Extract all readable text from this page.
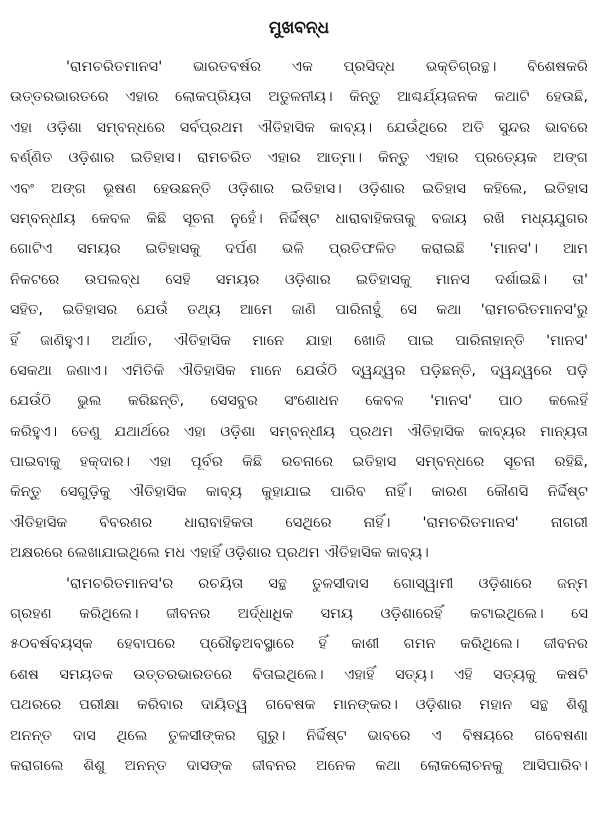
ମୁଖବନ୍ଧ
'ରାମଚରିତମାନସ' ଭାରତବର୍ଷର ଏକ ପ୍ରସିଦ୍ଧ ଭକ୍ତିଗ୍ରନ୍ଥ। ବିଶେଷକରି
ଉତ୍ତରଭାରତରେ ଏହାର ଲୋକପ୍ରିୟତା ଅତୁଳନୀୟ। କିନ୍ତୁ ଆଶ୍ଚର୍ଯ୍ୟଜନକ କଥାଟି ହେଉଛି,
ଏହା ଓଡ଼ିଶା ସମ୍ବନ୍ଧରେ ସର୍ବପ୍ରଥମ ଐତିହାସିକ କାବ୍ୟ। ଯେଉଁଥିରେ ଅତି ସୁନ୍ଦର ଭାବରେ
ବର୍ଣ୍ଣିତ ଓଡ଼ିଶାର ଇତିହାସ। ରାମଚରିତ ଏହାର ଆତ୍ମା। କିନ୍ତୁ ଏହାର ପ୍ରତ୍ୟେକ ଅଙ୍ଗ
ଏବଂ ଅଙ୍ଗ ଭୂଷଣ ହେଉଛନ୍ତି ଓଡ଼ିଶାର ଇତିହାସ। ଓଡ଼ିଶାର ଇତିହାସ କହିଲେ, ଇତିହାସ
ସମ୍ବନ୍ଧୀୟ କେବଳ କିଛି ସୂଚନା ନୁହେଁ। ନିର୍ଦ୍ଦିଷ୍ଟ ଧାରାବାହିକତାକୁ ବଜାୟ ରଖି ମଧ୍ୟଯୁଗର
ଗୋଟିଏ ସମୟର ଇତିହାସକୁ ଦର୍ପଣ ଭଳି ପ୍ରତିଫଳିତ କରାଇଛି 'ମାନସ'। ଆମ
ନିକଟରେ ଉପଲବ୍ଧ ସେହି ସମୟର ଓଡ଼ିଶାର ଇତିହାସକୁ ମାନସ ଦର୍ଶାଇଛି। ତା'
ସହିତ, ଇତିହାସର ଯେଉଁ ତଥ୍ୟ ଆମେ ଜାଣି ପାରିନାହୁଁ ସେ କଥା 'ରାମଚରିତମାନସ'ରୁ
ହିଁ ଜାଣିହୁଏ। ଅର୍ଥାତ, ଐତିହାସିକ ମାନେ ଯାହା ଖୋଜି ପାଇ ପାରିନାହାନ୍ତି 'ମାନସ'
ସେକଥା ଜଣାଏ। ଏମିତିକି ଐତିହାସିକ ମାନେ ଯେଉଁଠି ଦ୍ୱନ୍ଦ୍ୱର ପଡ଼ିଛନ୍ତି, ଦ୍ୱନ୍ଦ୍ୱରେ ପଡ଼ି
ଯେଉଁଠି ଭୁଲ କରିଛନ୍ତି, ସେସବୁର ସଂଶୋଧନ କେବଳ 'ମାନସ' ପାଠ କଲେହିଁ
କରିହୁଏ। ତେଣୁ ଯଥାର୍ଥରେ ଏହା ଓଡ଼ିଶା ସମ୍ବନ୍ଧୀୟ ପ୍ରଥମ ଐତିହାସିକ କାବ୍ୟର ମାନ୍ୟତା
ପାଇବାକୁ ହକ୍‌ଦାର। ଏହା ପୂର୍ବର କିଛି ରଚନାରେ ଇତିହାସ ସମ୍ବନ୍ଧରେ ସୂଚନା ରହିଛି,
କିନ୍ତୁ ସେଗୁଡ଼ିକୁ ଐତିହାସିକ କାବ୍ୟ କୁହାଯାଇ ପାରିବ ନାହିଁ। କାରଣ କୌଣସି ନିର୍ଦ୍ଦିଷ୍ଟ
ଐତିହାସିକ ବିବରଣର ଧାରାବାହିକତା ସେଥିରେ ନାହିଁ। 'ରାମଚରିତମାନସ' ନାଗରୀ
ଅକ୍ଷରରେ ଲେଖାଯାଇଥିଲେ ମଧ ଏହାହିଁ ଓଡ଼ିଶାର ପ୍ରଥମ ଐତିହାସିକ କାବ୍ୟ।
'ରାମଚରିତମାନସ'ର ରଚୟିତା ସନ୍ଥ ତୁଳସୀଦାସ ଗୋସ୍ୱାମୀ ଓଡ଼ିଶାରେ ଜନ୍ମ
ଗ୍ରହଣ କରିଥିଲେ। ଜୀବନର ଅର୍ଦ୍ଧାଧିକ ସମୟ ଓଡ଼ିଶାରେହିଁ କଟାଇଥିଲେ। ସେ
୫୦ବର୍ଷବୟସ୍କ ହେବାପରେ ପ୍ରୌଢ଼ଅବସ୍ଥାରେ ହିଁ କାଶୀ ଗମନ କରିଥିଲେ। ଜୀବନର
ଶେଷ ସମୟତକ ଉତ୍ତରଭାରତରେ ବିତାଇଥିଲେ। ଏହାହିଁ ସତ୍ୟ। ଏହି ସତ୍ୟକୁ କଷଟି
ପଥରରେ ପରୀକ୍ଷା କରିବାର ଦାୟିତ୍ୱ ଗବେଷକ ମାନଙ୍କର। ଓଡ଼ିଶାର ମହାନ ସନ୍ଥ ଶିଶୁ
ଅନନ୍ତ ଦାସ ଥିଲେ ତୁଳସୀଙ୍କର ଗୁରୁ। ନିର୍ଦ୍ଦିଷ୍ଟ ଭାବରେ ଏ ବିଷୟରେ ଗବେଷଣା
କରାଗଲେ ଶିଶୁ ଅନନ୍ତ ଦାସଙ୍କ ଜୀବନର ଅନେକ କଥା ଲୋକଲୋଚନକୁ ଆସିପାରିବ।
